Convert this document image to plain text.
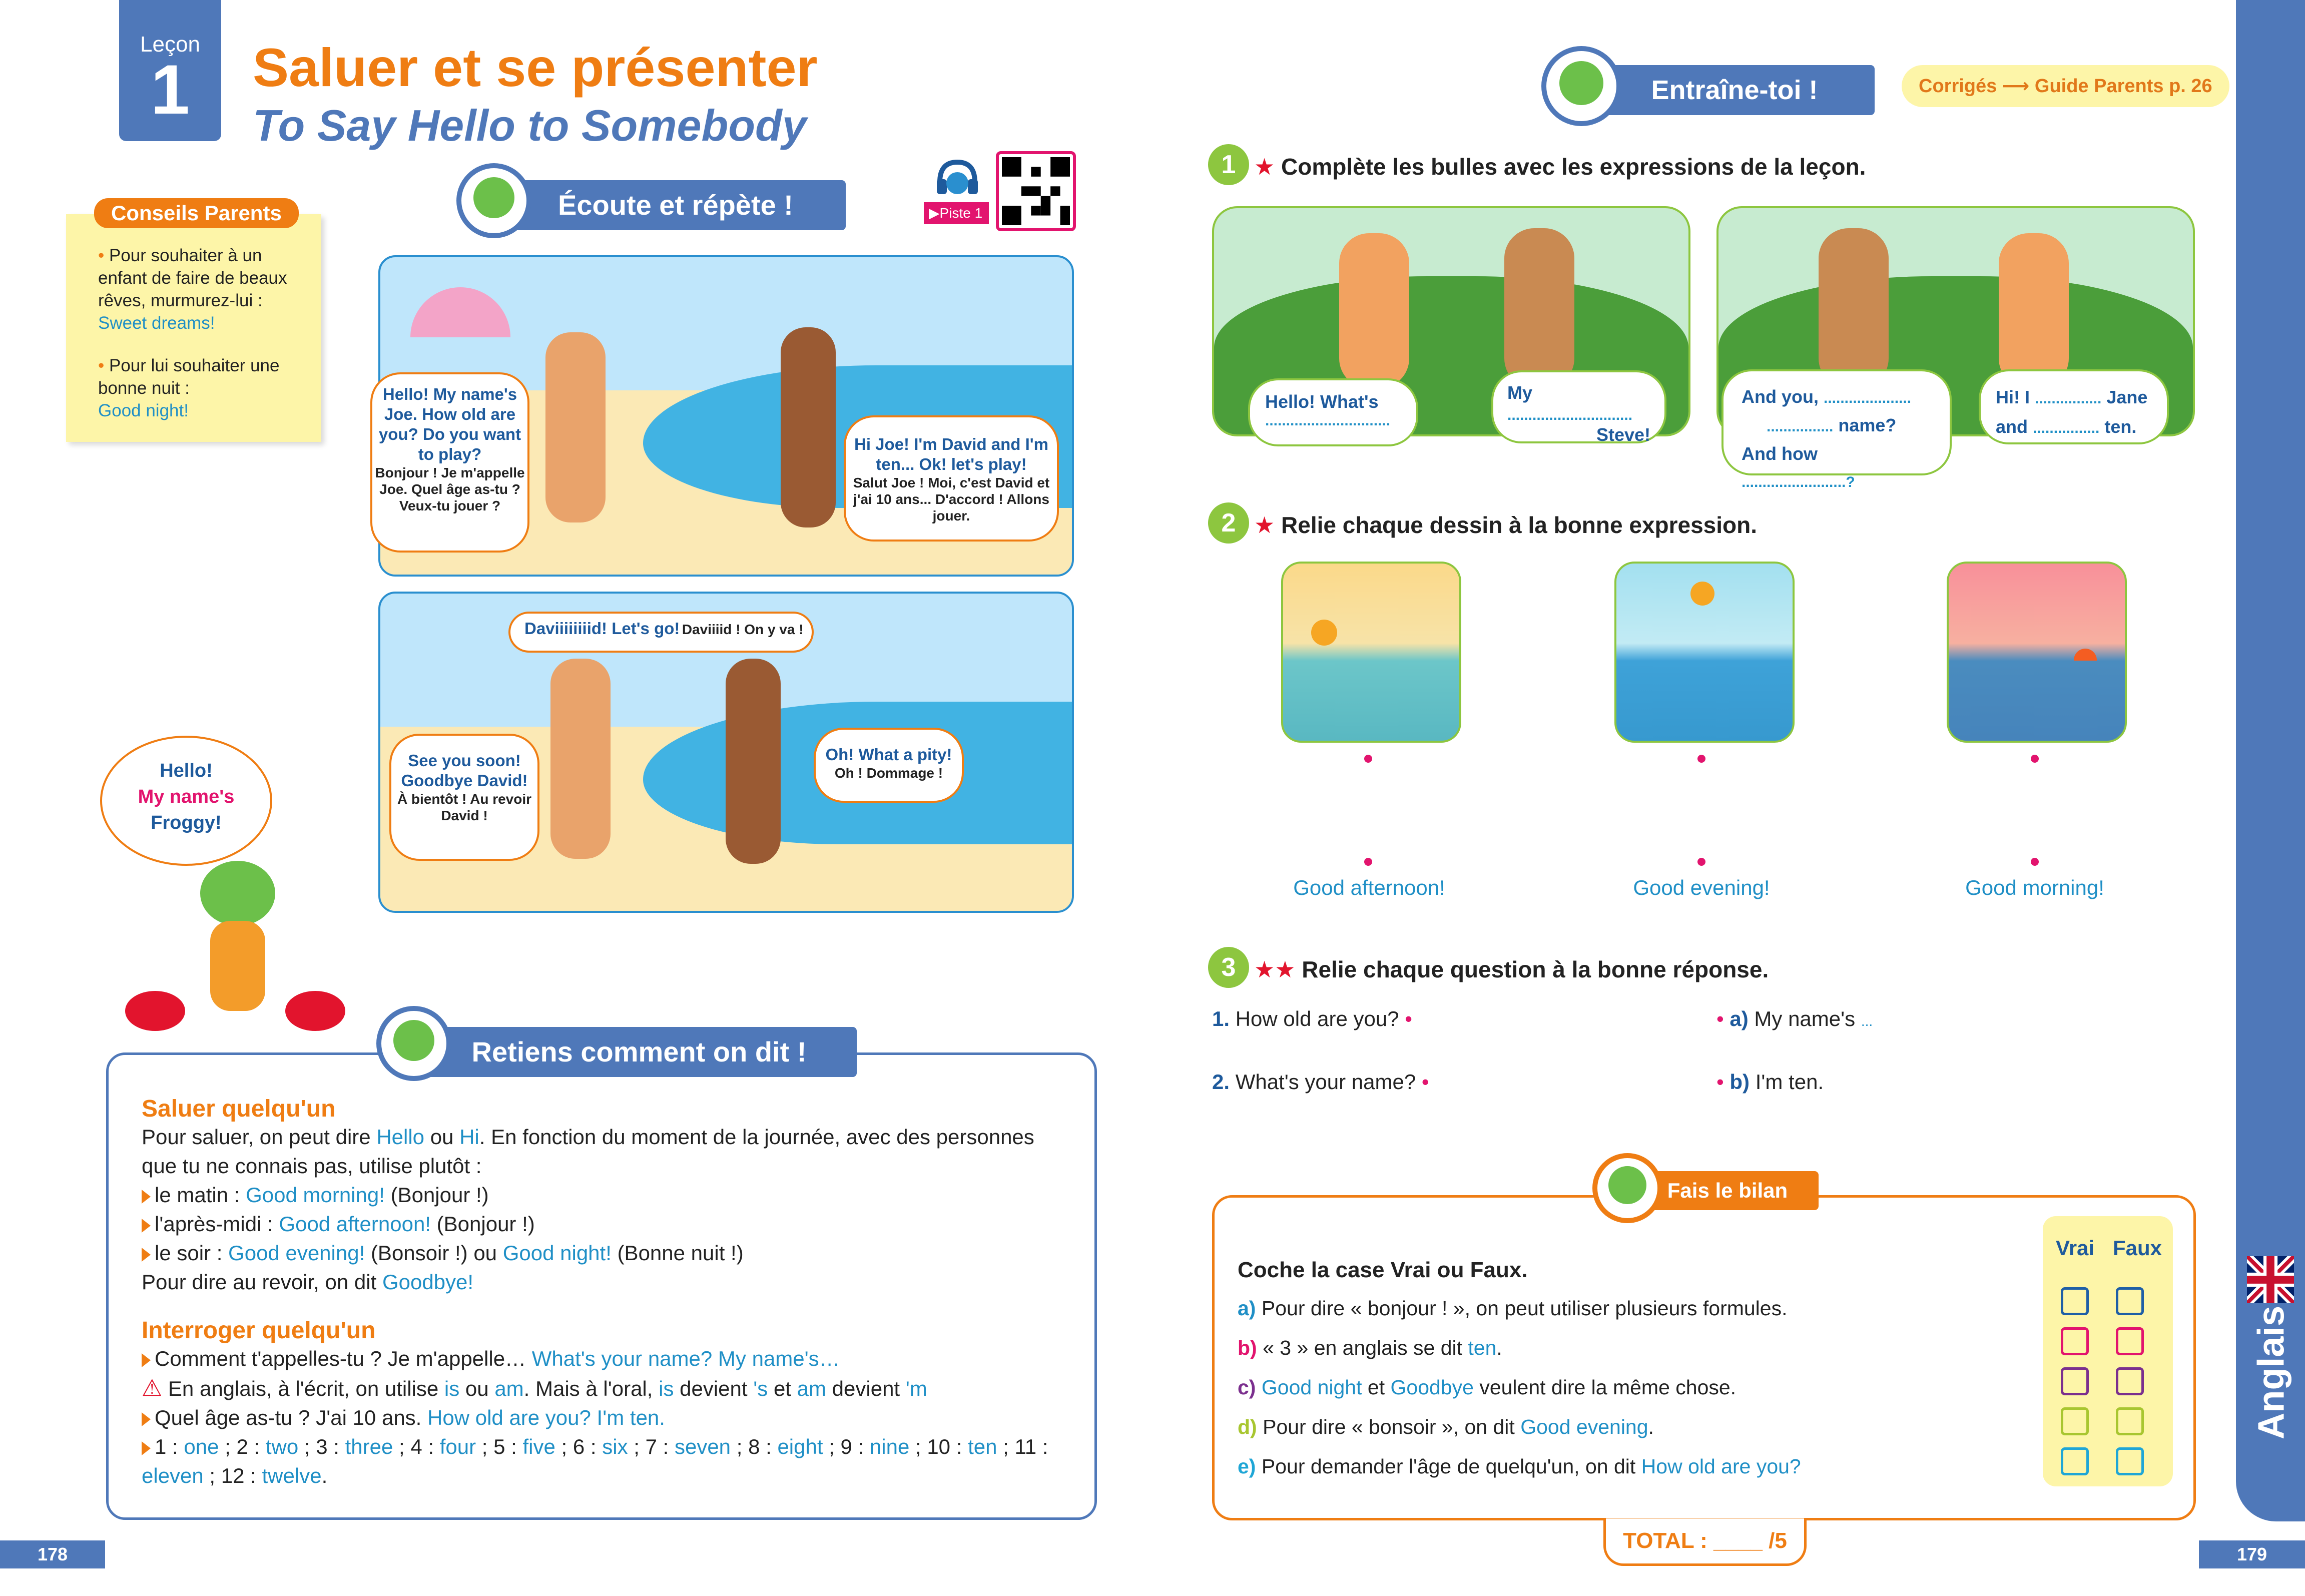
Leçon
1	Saluer et se présenter
To Say Hello to Somebody

• Pour souhaiter à un enfant de faire de beaux rêves, murmurez-lui :
Sweet dreams!

• Pour lui souhaiter une bonne nuit :
Good night!

Conseils Parents	Écoute et répète !	▶Piste 1
Hello! My name's Joe. How old are you? Do you want to play?
Bonjour ! Je m'appelle Joe. Quel âge as-tu ? Veux-tu jouer ?
Hi Joe! I'm David and I'm ten... Ok! let's play!
Salut Joe ! Moi, c'est David et j'ai 10 ans... D'accord ! Allons jouer.
Daviiiiiiiid! Let's go! Daviiiid ! On y va !
See you soon! Goodbye David!
À bientôt ! Au revoir David !
Oh! What a pity!
Oh ! Dommage !
Hello!
My name's
Froggy!
Saluer quelqu'un
Pour saluer, on peut dire Hello ou Hi. En fonction du moment de la journée, avec des personnes que tu ne connais pas, utilise plutôt :
le matin : Good morning! (Bonjour !)
l'après-midi : Good afternoon! (Bonjour !)
le soir : Good evening! (Bonsoir !) ou Good night! (Bonne nuit !)
Pour dire au revoir, on dit Goodbye!
Interroger quelqu'un
Comment t'appelles-tu ? Je m'appelle… What's your name? My name's…
⚠ En anglais, à l'écrit, on utilise is ou am. Mais à l'oral, is devient 's et am devient 'm
Quel âge as-tu ? J'ai 10 ans. How old are you? I'm ten.
1 : one ; 2 : two ; 3 : three ; 4 : four ; 5 : five ; 6 : six ; 7 : seven ; 8 : eight ; 9 : nine ; 10 : ten ; 11 : eleven ; 12 : twelve.
Retiens comment on dit !
178
Entraîne-toi !	Corrigés ⟶ Guide Parents p. 26
1 ★ Complète les bulles avec les expressions de la leçon.
Hello! What's
..............................
My ..............................
Steve!
And you, .....................
................ name?
And how .........................?
Hi! I ................ Jane
and ................ ten.
2 ★ Relie chaque dessin à la bonne expression.
Good afternoon!	Good evening!	Good morning!
3 ★★ Relie chaque question à la bonne réponse.
1. How old are you? •
2. What's your name? •
• a) My name's ...
• b) I'm ten.
Coche la case Vrai ou Faux.
a) Pour dire « bonjour ! », on peut utiliser plusieurs formules.
b) « 3 » en anglais se dit ten.
c) Good night et Goodbye veulent dire la même chose.
d) Pour dire « bonsoir », on dit Good evening.
e) Pour demander l'âge de quelqu'un, on dit How old are you?
Vrai Faux
Fais le bilan
TOTAL : ____ /5
Anglais
179
